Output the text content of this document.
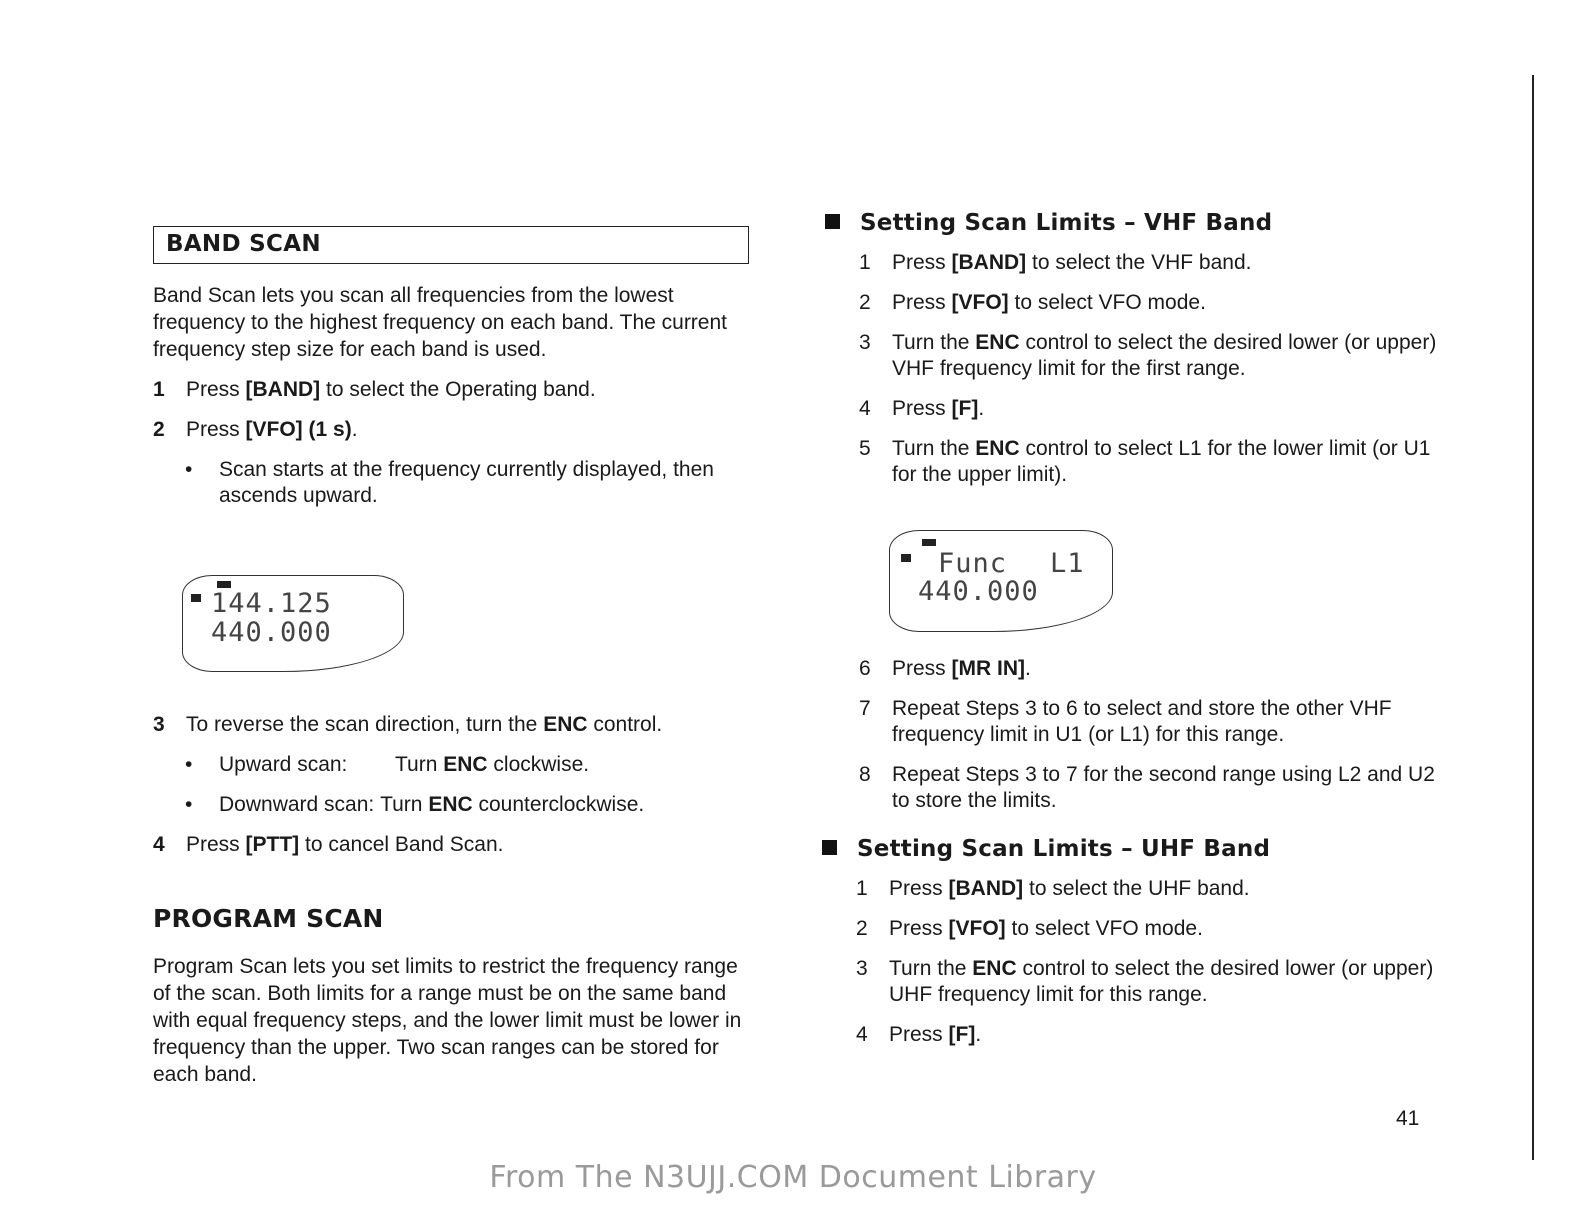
BAND SCAN

Band Scan lets you scan all frequencies from the lowest frequency to the highest frequency on each band. The current frequency step size for each band is used.

1 Press [BAND] to select the Operating band.
2 Press [VFO] (1 s).
• Scan starts at the frequency currently displayed, then ascends upward.
144.125
440.000
3 To reverse the scan direction, turn the ENC control.
• Upward scan: Turn ENC clockwise.
• Downward scan: Turn ENC counterclockwise.
4 Press [PTT] to cancel Band Scan.
PROGRAM SCAN

Program Scan lets you set limits to restrict the frequency range of the scan. Both limits for a range must be on the same band with equal frequency steps, and the lower limit must be lower in frequency than the upper. Two scan ranges can be stored for each band.

Setting Scan Limits – VHF Band
1 Press [BAND] to select the VHF band.
2 Press [VFO] to select VFO mode.
3 Turn the ENC control to select the desired lower (or upper) VHF frequency limit for the first range.
4 Press [F].
5 Turn the ENC control to select L1 for the lower limit (or U1 for the upper limit).
Func L1
440.000
6 Press [MR IN].
7 Repeat Steps 3 to 6 to select and store the other VHF frequency limit in U1 (or L1) for this range.
8 Repeat Steps 3 to 7 for the second range using L2 and U2 to store the limits.
Setting Scan Limits – UHF Band
1 Press [BAND] to select the UHF band.
2 Press [VFO] to select VFO mode.
3 Turn the ENC control to select the desired lower (or upper) UHF frequency limit for this range.
4 Press [F].
41
From The N3UJJ.COM Document Library
